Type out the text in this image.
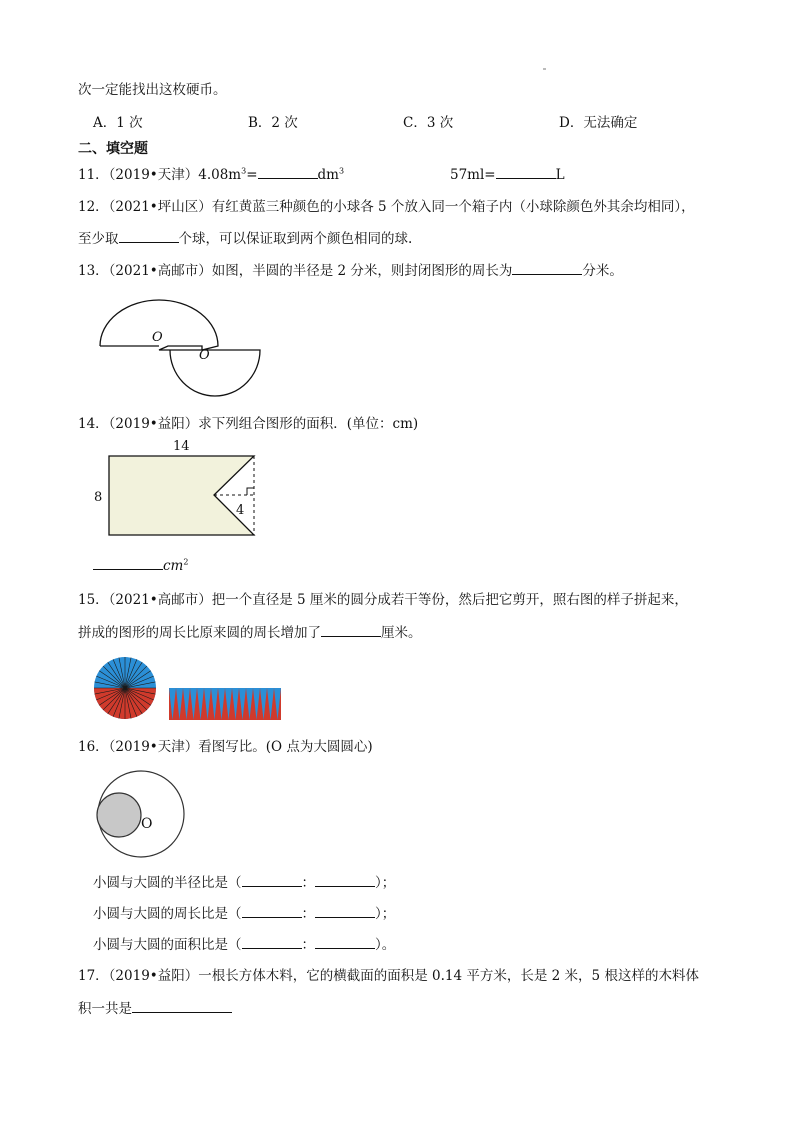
次一定能找出这枚硬币。
A．1 次	B．2 次	C．3 次	D．无法确定
二、填空题
11．（2019•天津）$4.08m^3=$	$dm^3$	57ml=	L
12．（2021•坪山区）有红黄蓝三种颜色的小球各 5 个放入同一个箱子内（小球除颜色外其余均相同），
至少取	个球，可以保证取到两个颜色相同的球.
13．（2021•高邮市）如图，半圆的半径是 2 分米，则封闭图形的周长为	分米。
O
O
14．（2019•益阳）求下列组合图形的面积．(单位：cm)
14
8
4
$cm^2$
15．（2021•高邮市）把一个直径是 5 厘米的圆分成若干等份，然后把它剪开，照右图的样子拼起来，
拼成的图形的周长比原来圆的周长增加了	厘米。
16．（2019•天津）看图写比。(O 点为大圆圆心)
O
小圆与大圆的半径比是（	：	）；
小圆与大圆的周长比是（	：	）；
小圆与大圆的面积比是（	：	）。
17．（2019•益阳）一根长方体木料，它的横截面的面积是 0.14 平方米，长是 2 米，5 根这样的木料体
积一共是
